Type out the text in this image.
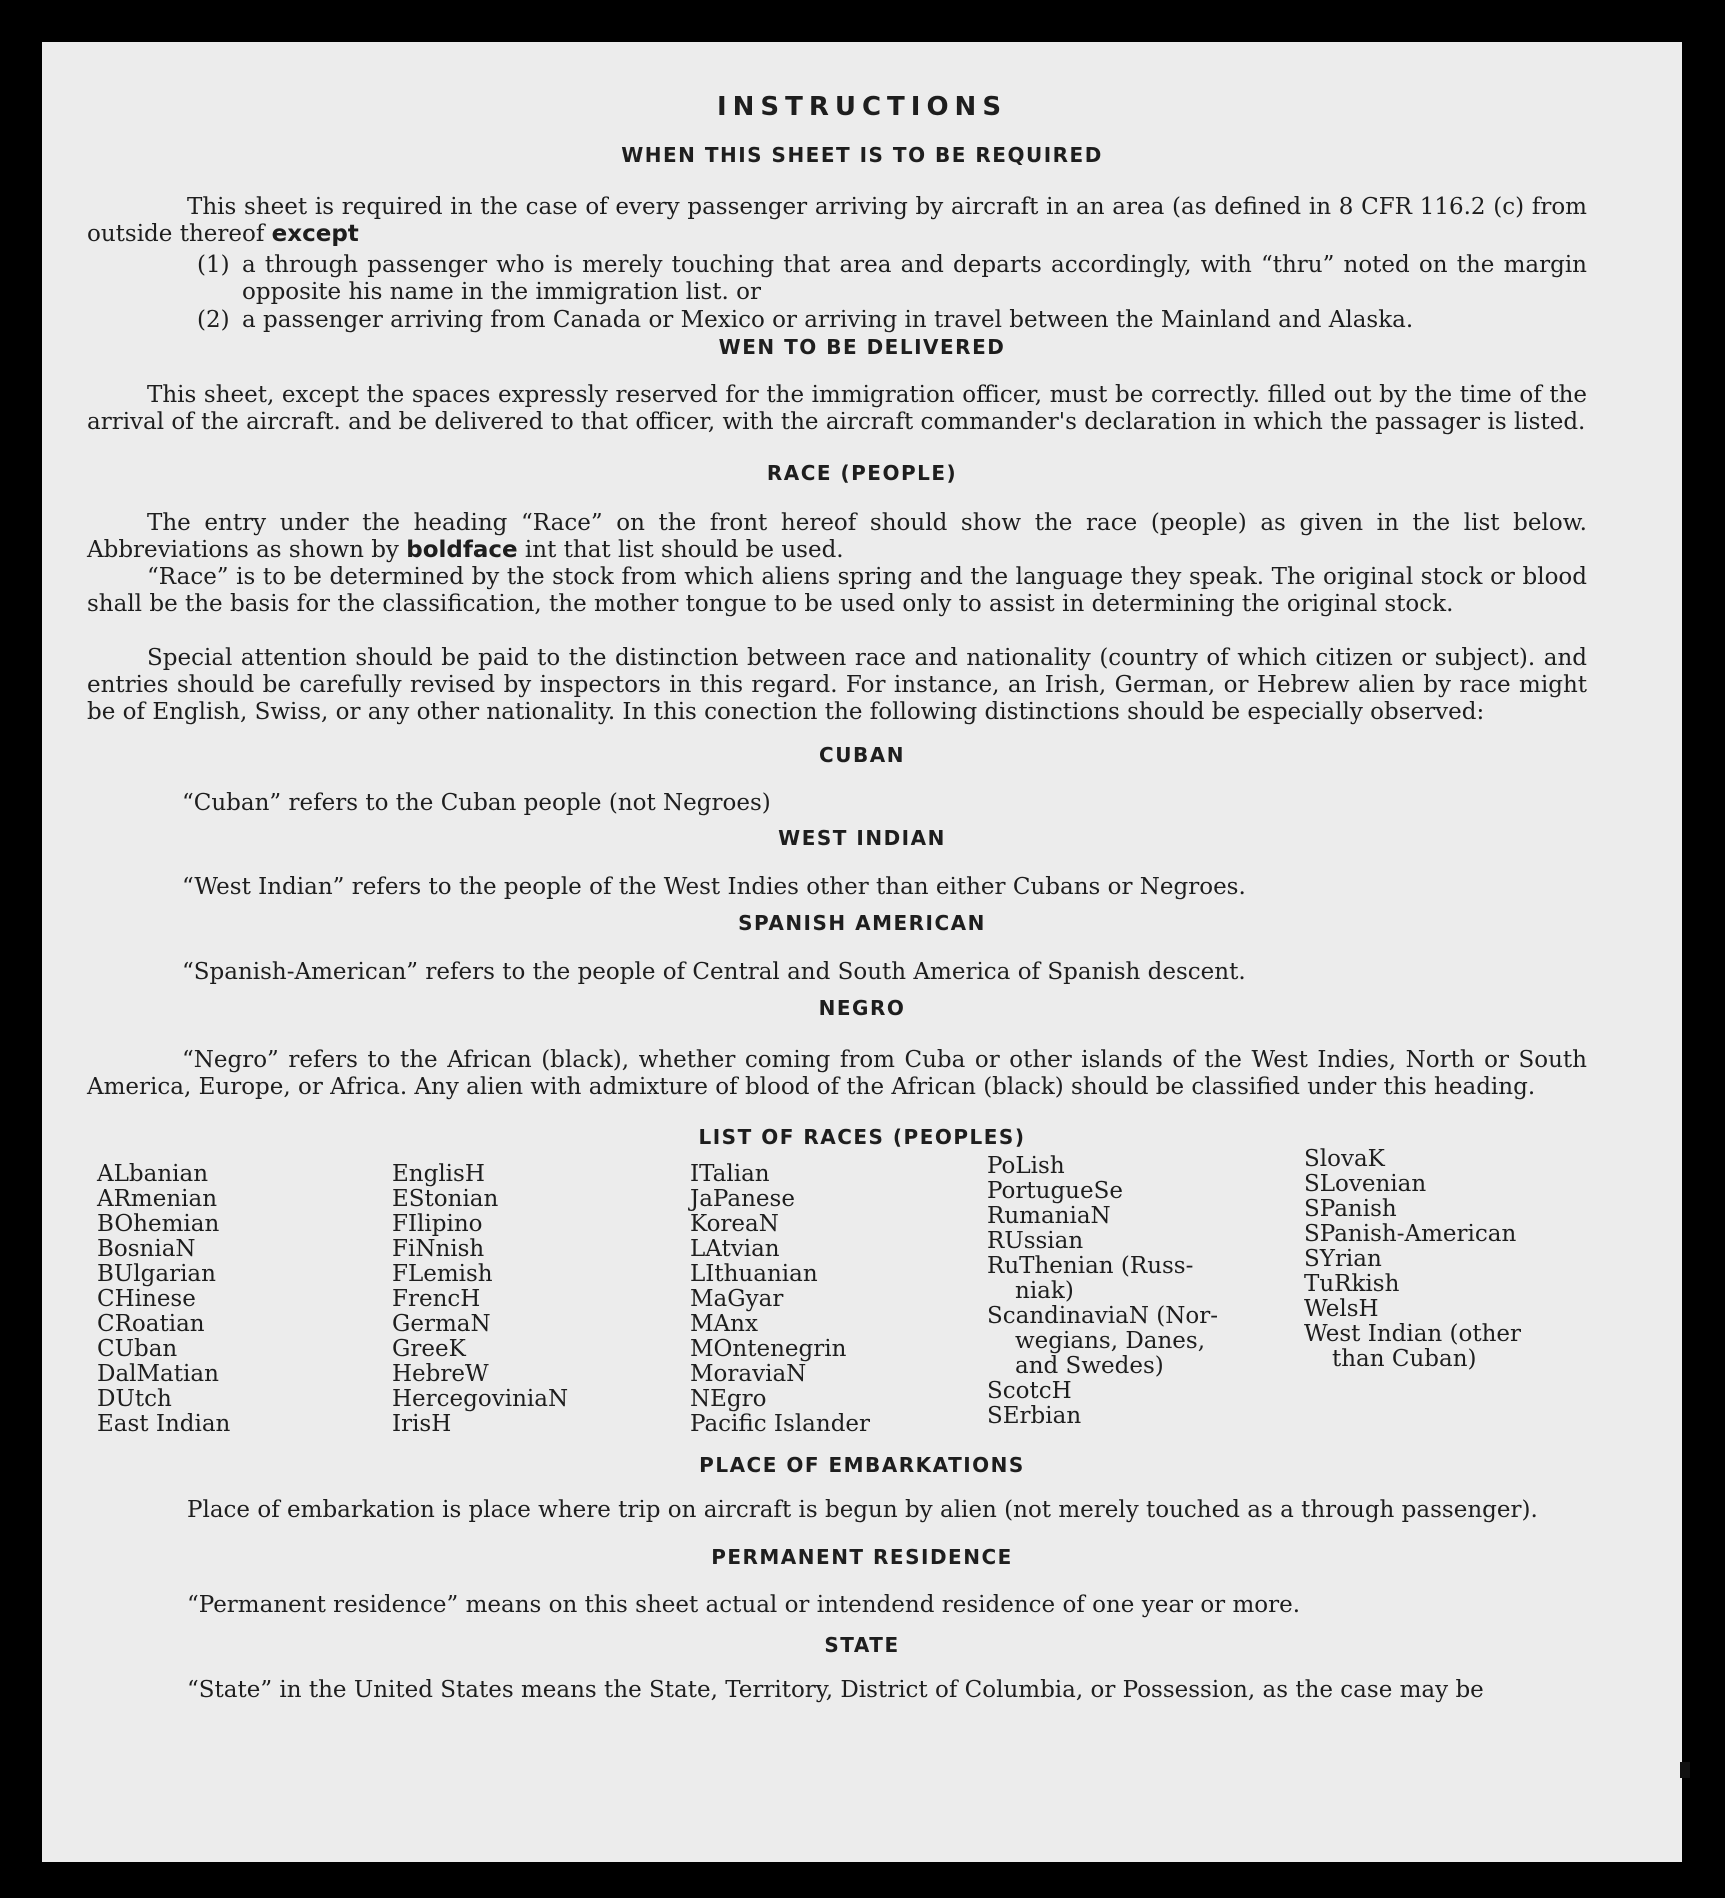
INSTRUCTIONS
WHEN THIS SHEET IS TO BE REQUIRED
This sheet is required in the case of every passenger arriving by aircraft in an area (as defined in 8 CFR 116.2 (c) from outside thereof except
(1) a through passenger who is merely touching that area and departs accordingly, with “thru” noted on the margin opposite his name in the immigration list. or
(2) a passenger arriving from Canada or Mexico or arriving in travel between the Mainland and Alaska.
WEN TO BE DELIVERED
This sheet, except the spaces expressly reserved for the immigration officer, must be correctly. filled out by the time of the arrival of the aircraft. and be delivered to that officer, with the aircraft commander's declaration in which the passager is listed.
RACE (PEOPLE)
The entry under the heading “Race” on the front hereof should show the race (people) as given in the list below. Abbreviations as shown by boldface int that list should be used.
“Race” is to be determined by the stock from which aliens spring and the language they speak. The original stock or blood shall be the basis for the classification, the mother tongue to be used only to assist in determining the original stock.
Special attention should be paid to the distinction between race and nationality (country of which citizen or subject). and entries should be carefully revised by inspectors in this regard. For instance, an Irish, German, or Hebrew alien by race might be of English, Swiss, or any other nationality. In this conection the following distinctions should be especially observed:
CUBAN
“Cuban” refers to the Cuban people (not Negroes)
WEST INDIAN
“West Indian” refers to the people of the West Indies other than either Cubans or Negroes.
SPANISH AMERICAN
“Spanish-American” refers to the people of Central and South America of Spanish descent.
NEGRO
“Negro” refers to the African (black), whether coming from Cuba or other islands of the West Indies, North or South America, Europe, or Africa. Any alien with admixture of blood of the African (black) should be classified under this heading.
LIST OF RACES (PEOPLES)
ALbanian
ARmenian
BOhemian
BosniaN
BUlgarian
CHinese
CRoatian
CUban
DalMatian
DUtch
East Indian
EnglisH
EStonian
FIlipino
FiNnish
FLemish
FrencH
GermaN
GreeK
HebreW
HercegoviniaN
IrisH
ITalian
JaPanese
KoreaN
LAtvian
LIthuanian
MaGyar
MAnx
MOntenegrin
MoraviaN
NEgro
Pacific Islander
PoLish
PortugueSe
RumaniaN
RUssian
RuThenian (Russ-
niak)
ScandinaviaN (Nor-
wegians, Danes,
and Swedes)
ScotcH
SErbian
SlovaK
SLovenian
SPanish
SPanish-American
SYrian
TuRkish
WelsH
West Indian (other
than Cuban)
PLACE OF EMBARKATIONS
Place of embarkation is place where trip on aircraft is begun by alien (not merely touched as a through passenger).
PERMANENT RESIDENCE
“Permanent residence” means on this sheet actual or intendend residence of one year or more.
STATE
“State” in the United States means the State, Territory, District of Columbia, or Possession, as the case may be
